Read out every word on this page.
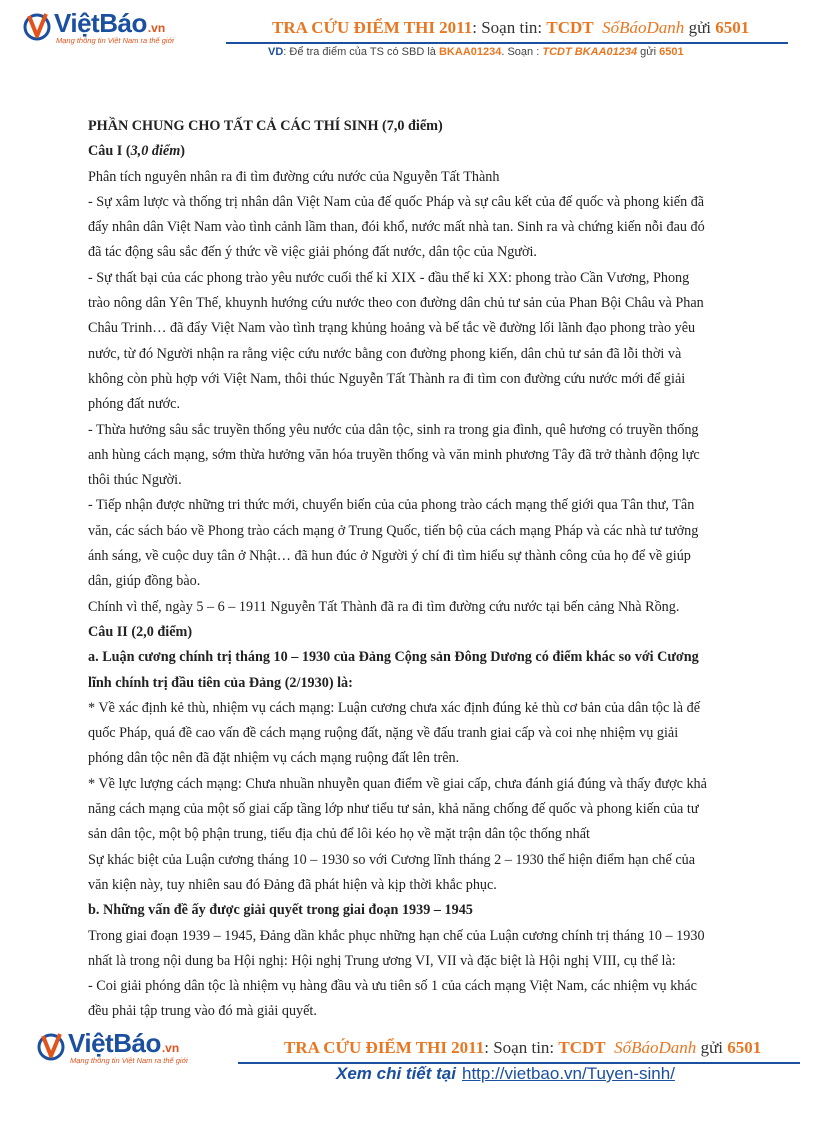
ViệtBáo.vn
Mạng thông tin Việt Nam ra thế giới
TRA CỨU ĐIỂM THI 2011: Soạn tin: TCDT SốBáoDanh gửi 6501
VD: Để tra điểm của TS có SBD là BKAA01234. Soạn : TCDT BKAA01234 gửi 6501

PHẦN CHUNG CHO TẤT CẢ CÁC THÍ SINH (7,0 điểm)

Câu I (3,0 điểm)

Phân tích nguyên nhân ra đi tìm đường cứu nước của Nguyễn Tất Thành

- Sự xâm lược và thống trị nhân dân Việt Nam của đế quốc Pháp và sự câu kết của đế quốc và phong kiến đã

đẩy nhân dân Việt Nam vào tình cảnh lầm than, đói khổ, nước mất nhà tan. Sinh ra và chứng kiến nỗi đau đó

đã tác động sâu sắc đến ý thức về việc giải phóng đất nước, dân tộc của Người.

- Sự thất bại của các phong trào yêu nước cuối thế kỉ XIX - đầu thế kỉ XX: phong trào Cần Vương, Phong

trào nông dân Yên Thế, khuynh hướng cứu nước theo con đường dân chủ tư sản của Phan Bội Châu và Phan

Châu Trinh… đã đẩy Việt Nam vào tình trạng khủng hoảng và bế tắc về đường lối lãnh đạo phong trào yêu

nước, từ đó Người nhận ra rằng việc cứu nước bằng con đường phong kiến, dân chủ tư sản đã lỗi thời và

không còn phù hợp với Việt Nam, thôi thúc Nguyễn Tất Thành ra đi tìm con đường cứu nước mới để giải

phóng đất nước.

- Thừa hưởng sâu sắc truyền thống yêu nước của dân tộc, sinh ra trong gia đình, quê hương có truyền thống

anh hùng cách mạng, sớm thừa hưởng văn hóa truyền thống và văn minh phương Tây đã trở thành động lực

thôi thúc Người.

- Tiếp nhận được những tri thức mới, chuyển biến của của phong trào cách mạng thế giới qua Tân thư, Tân

văn, các sách báo về Phong trào cách mạng ở Trung Quốc, tiến bộ của cách mạng Pháp và các nhà tư tưởng

ánh sáng, về cuộc duy tân ở Nhật… đã hun đúc ở Người ý chí đi tìm hiểu sự thành công của họ để về giúp

dân, giúp đồng bào.

Chính vì thế, ngày 5 – 6 – 1911 Nguyễn Tất Thành đã ra đi tìm đường cứu nước tại bến cảng Nhà Rồng.

Câu II (2,0 điểm)

a. Luận cương chính trị tháng 10 – 1930 của Đảng Cộng sản Đông Dương có điểm khác so với Cương

lĩnh chính trị đầu tiên của Đảng (2/1930) là:

* Về xác định kẻ thù, nhiệm vụ cách mạng: Luận cương chưa xác định đúng kẻ thù cơ bản của dân tộc là đế

quốc Pháp, quá đề cao vấn đề cách mạng ruộng đất, nặng về đấu tranh giai cấp và coi nhẹ nhiệm vụ giải

phóng dân tộc nên đã đặt nhiệm vụ cách mạng ruộng đất lên trên.

* Về lực lượng cách mạng: Chưa nhuần nhuyễn quan điểm về giai cấp, chưa đánh giá đúng và thấy được khả

năng cách mạng của một số giai cấp tầng lớp như tiểu tư sản, khả năng chống đế quốc và phong kiến của tư

sản dân tộc, một bộ phận trung, tiểu địa chủ để lôi kéo họ về mặt trận dân tộc thống nhất

Sự khác biệt của Luận cương tháng 10 – 1930 so với Cương lĩnh tháng 2 – 1930 thể hiện điểm hạn chế của

văn kiện này, tuy nhiên sau đó Đảng đã phát hiện và kịp thời khắc phục.

b. Những vấn đề ấy được giải quyết trong giai đoạn 1939 – 1945

Trong giai đoạn 1939 – 1945, Đảng dần khắc phục những hạn chế của Luận cương chính trị tháng 10 – 1930

nhất là trong nội dung ba Hội nghị: Hội nghị Trung ương VI, VII và đặc biệt là Hội nghị VIII, cụ thể là:

- Coi giải phóng dân tộc là nhiệm vụ hàng đầu và ưu tiên số 1 của cách mạng Việt Nam, các nhiệm vụ khác

đều phải tập trung vào đó mà giải quyết.

ViệtBáo.vn
Mạng thông tin Việt Nam ra thế giới
TRA CỨU ĐIỂM THI 2011: Soạn tin: TCDT SốBáoDanh gửi 6501
Xem chi tiết tại http://vietbao.vn/Tuyen-sinh/
